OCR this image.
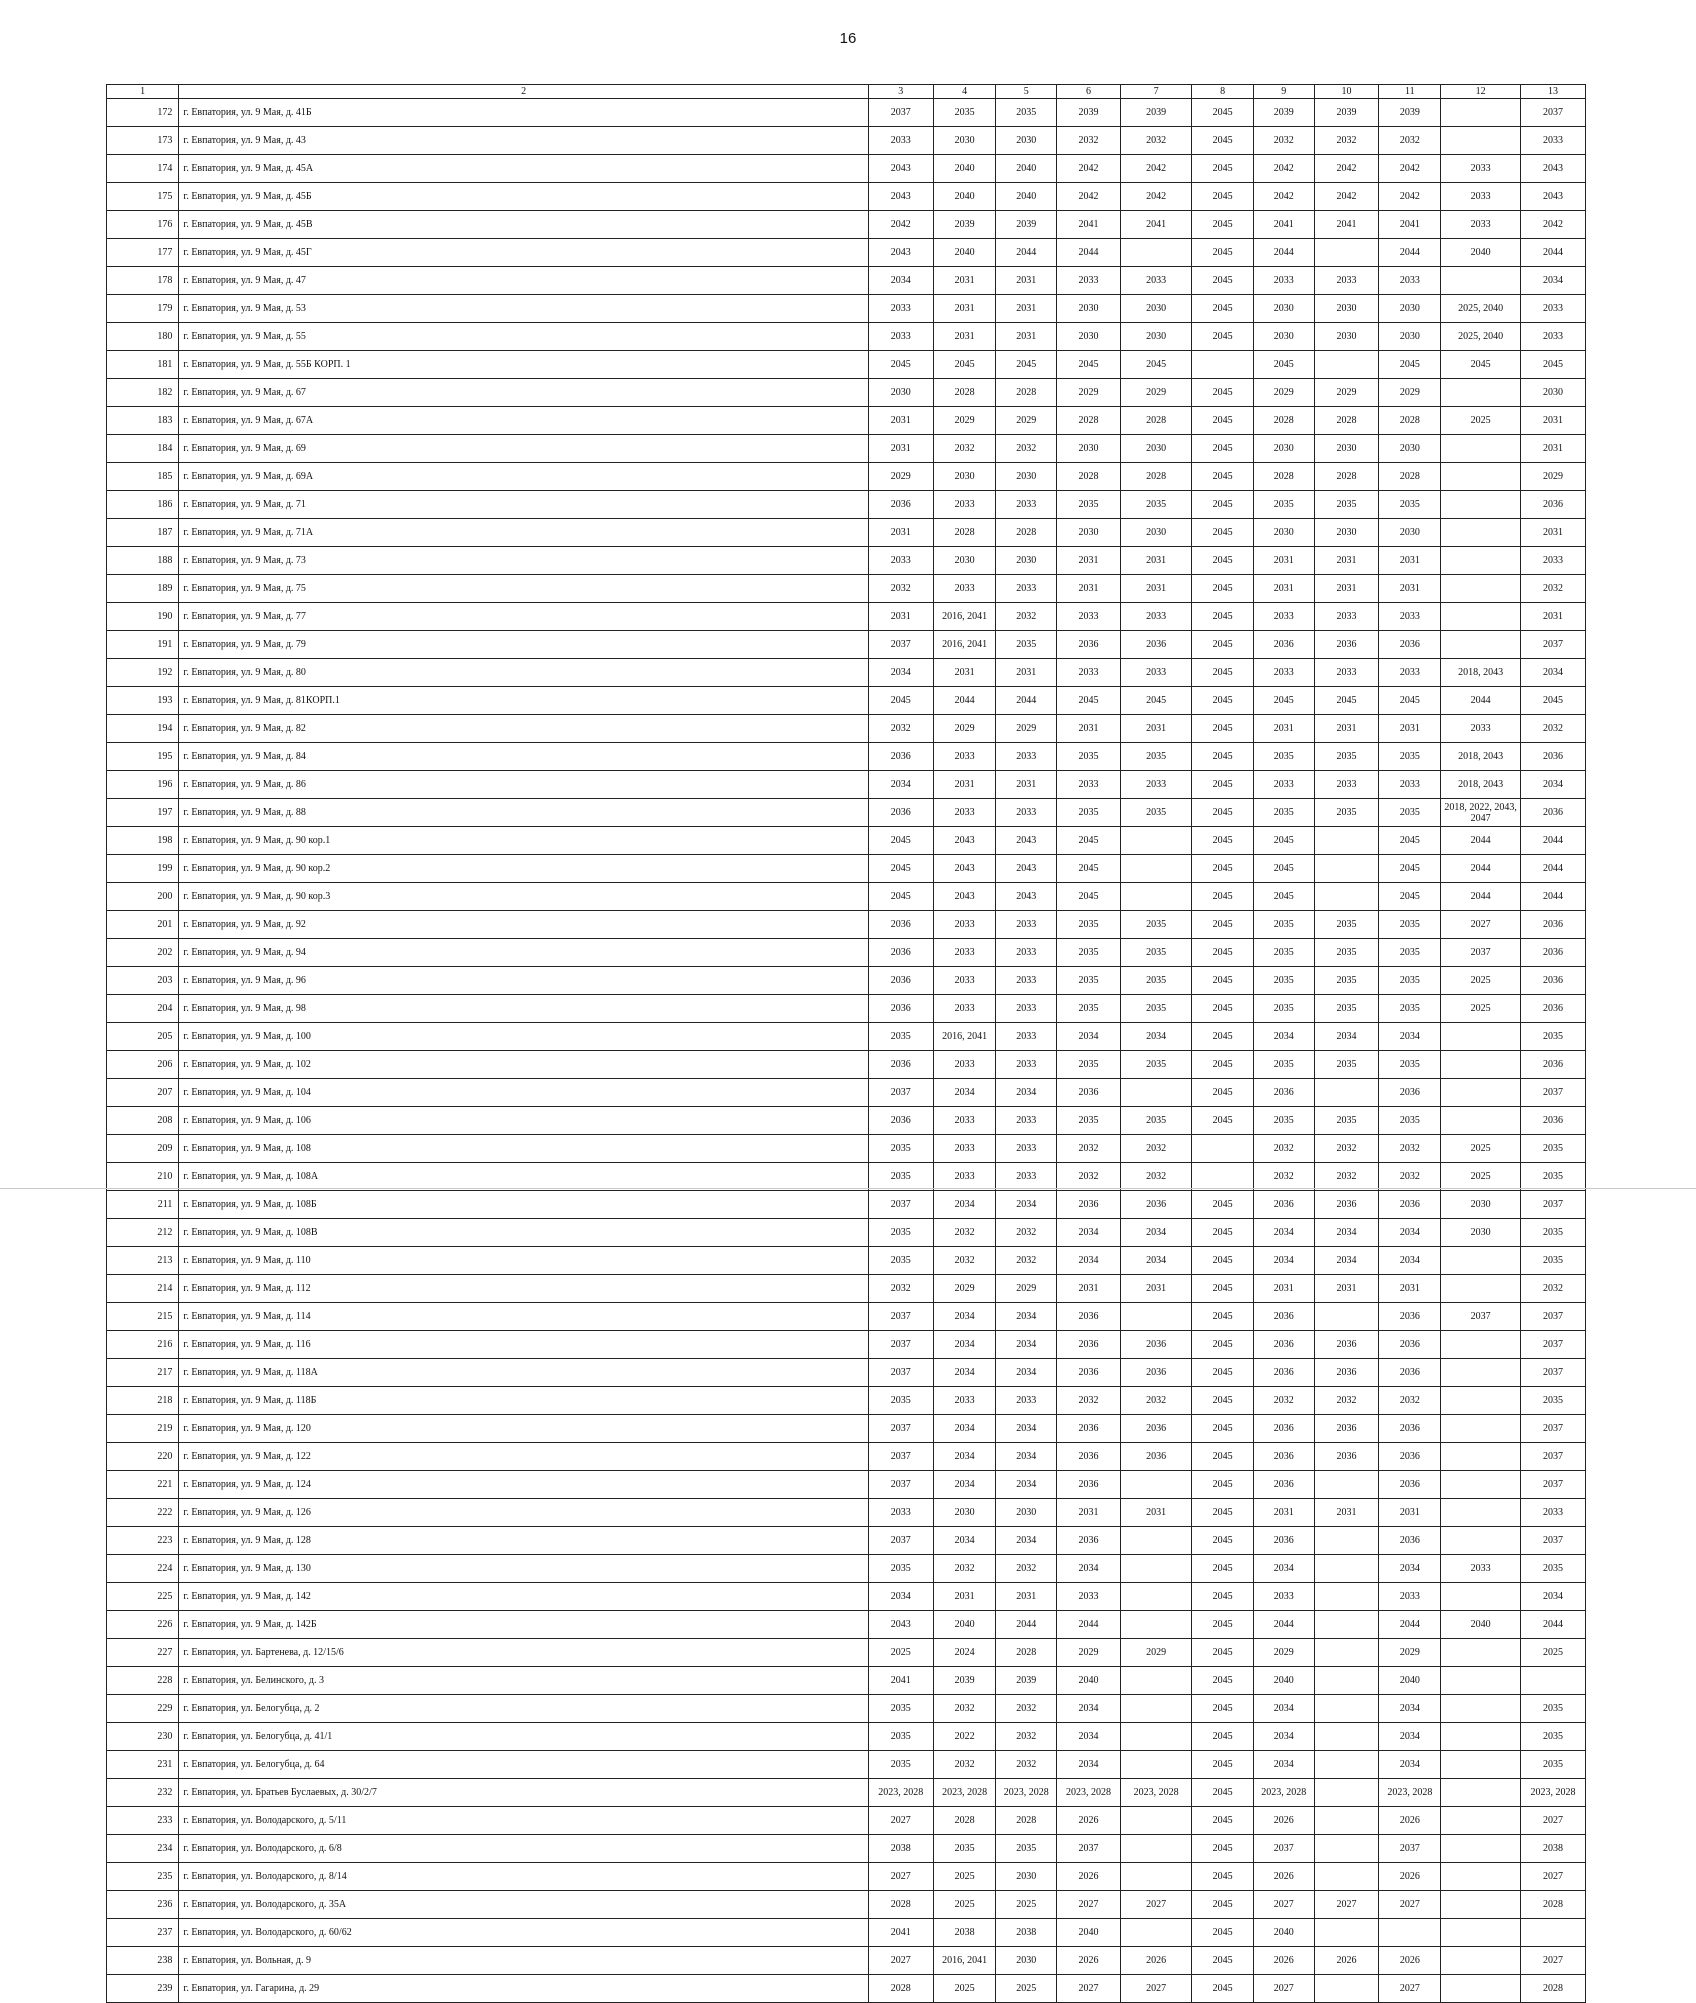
16
1	2	3	4	5	6	7	8	9	10	11	12	13
172	г. Евпатория, ул. 9 Мая, д. 41Б	2037	2035	2035	2039	2039	2045	2039	2039	2039		2037
173	г. Евпатория, ул. 9 Мая, д. 43	2033	2030	2030	2032	2032	2045	2032	2032	2032		2033
174	г. Евпатория, ул. 9 Мая, д. 45А	2043	2040	2040	2042	2042	2045	2042	2042	2042	2033	2043
175	г. Евпатория, ул. 9 Мая, д. 45Б	2043	2040	2040	2042	2042	2045	2042	2042	2042	2033	2043
176	г. Евпатория, ул. 9 Мая, д. 45В	2042	2039	2039	2041	2041	2045	2041	2041	2041	2033	2042
177	г. Евпатория, ул. 9 Мая, д. 45Г	2043	2040	2044	2044		2045	2044		2044	2040	2044
178	г. Евпатория, ул. 9 Мая, д. 47	2034	2031	2031	2033	2033	2045	2033	2033	2033		2034
179	г. Евпатория, ул. 9 Мая, д. 53	2033	2031	2031	2030	2030	2045	2030	2030	2030	2025, 2040	2033
180	г. Евпатория, ул. 9 Мая, д. 55	2033	2031	2031	2030	2030	2045	2030	2030	2030	2025, 2040	2033
181	г. Евпатория, ул. 9 Мая, д. 55Б КОРП. 1	2045	2045	2045	2045	2045		2045		2045	2045	2045
182	г. Евпатория, ул. 9 Мая, д. 67	2030	2028	2028	2029	2029	2045	2029	2029	2029		2030
183	г. Евпатория, ул. 9 Мая, д. 67А	2031	2029	2029	2028	2028	2045	2028	2028	2028	2025	2031
184	г. Евпатория, ул. 9 Мая, д. 69	2031	2032	2032	2030	2030	2045	2030	2030	2030		2031
185	г. Евпатория, ул. 9 Мая, д. 69А	2029	2030	2030	2028	2028	2045	2028	2028	2028		2029
186	г. Евпатория, ул. 9 Мая, д. 71	2036	2033	2033	2035	2035	2045	2035	2035	2035		2036
187	г. Евпатория, ул. 9 Мая, д. 71А	2031	2028	2028	2030	2030	2045	2030	2030	2030		2031
188	г. Евпатория, ул. 9 Мая, д. 73	2033	2030	2030	2031	2031	2045	2031	2031	2031		2033
189	г. Евпатория, ул. 9 Мая, д. 75	2032	2033	2033	2031	2031	2045	2031	2031	2031		2032
190	г. Евпатория, ул. 9 Мая, д. 77	2031	2016, 2041	2032	2033	2033	2045	2033	2033	2033		2031
191	г. Евпатория, ул. 9 Мая, д. 79	2037	2016, 2041	2035	2036	2036	2045	2036	2036	2036		2037
192	г. Евпатория, ул. 9 Мая, д. 80	2034	2031	2031	2033	2033	2045	2033	2033	2033	2018, 2043	2034
193	г. Евпатория, ул. 9 Мая, д. 81КОРП.1	2045	2044	2044	2045	2045	2045	2045	2045	2045	2044	2045
194	г. Евпатория, ул. 9 Мая, д. 82	2032	2029	2029	2031	2031	2045	2031	2031	2031	2033	2032
195	г. Евпатория, ул. 9 Мая, д. 84	2036	2033	2033	2035	2035	2045	2035	2035	2035	2018, 2043	2036
196	г. Евпатория, ул. 9 Мая, д. 86	2034	2031	2031	2033	2033	2045	2033	2033	2033	2018, 2043	2034
197	г. Евпатория, ул. 9 Мая, д. 88	2036	2033	2033	2035	2035	2045	2035	2035	2035	2018, 2022, 2043, 2047	2036
198	г. Евпатория, ул. 9 Мая, д. 90 кор.1	2045	2043	2043	2045		2045	2045		2045	2044	2044
199	г. Евпатория, ул. 9 Мая, д. 90 кор.2	2045	2043	2043	2045		2045	2045		2045	2044	2044
200	г. Евпатория, ул. 9 Мая, д. 90 кор.3	2045	2043	2043	2045		2045	2045		2045	2044	2044
201	г. Евпатория, ул. 9 Мая, д. 92	2036	2033	2033	2035	2035	2045	2035	2035	2035	2027	2036
202	г. Евпатория, ул. 9 Мая, д. 94	2036	2033	2033	2035	2035	2045	2035	2035	2035	2037	2036
203	г. Евпатория, ул. 9 Мая, д. 96	2036	2033	2033	2035	2035	2045	2035	2035	2035	2025	2036
204	г. Евпатория, ул. 9 Мая, д. 98	2036	2033	2033	2035	2035	2045	2035	2035	2035	2025	2036
205	г. Евпатория, ул. 9 Мая, д. 100	2035	2016, 2041	2033	2034	2034	2045	2034	2034	2034		2035
206	г. Евпатория, ул. 9 Мая, д. 102	2036	2033	2033	2035	2035	2045	2035	2035	2035		2036
207	г. Евпатория, ул. 9 Мая, д. 104	2037	2034	2034	2036		2045	2036		2036		2037
208	г. Евпатория, ул. 9 Мая, д. 106	2036	2033	2033	2035	2035	2045	2035	2035	2035		2036
209	г. Евпатория, ул. 9 Мая, д. 108	2035	2033	2033	2032	2032		2032	2032	2032	2025	2035
210	г. Евпатория, ул. 9 Мая, д. 108А	2035	2033	2033	2032	2032		2032	2032	2032	2025	2035
211	г. Евпатория, ул. 9 Мая, д. 108Б	2037	2034	2034	2036	2036	2045	2036	2036	2036	2030	2037
212	г. Евпатория, ул. 9 Мая, д. 108В	2035	2032	2032	2034	2034	2045	2034	2034	2034	2030	2035
213	г. Евпатория, ул. 9 Мая, д. 110	2035	2032	2032	2034	2034	2045	2034	2034	2034		2035
214	г. Евпатория, ул. 9 Мая, д. 112	2032	2029	2029	2031	2031	2045	2031	2031	2031		2032
215	г. Евпатория, ул. 9 Мая, д. 114	2037	2034	2034	2036		2045	2036		2036	2037	2037
216	г. Евпатория, ул. 9 Мая, д. 116	2037	2034	2034	2036	2036	2045	2036	2036	2036		2037
217	г. Евпатория, ул. 9 Мая, д. 118А	2037	2034	2034	2036	2036	2045	2036	2036	2036		2037
218	г. Евпатория, ул. 9 Мая, д. 118Б	2035	2033	2033	2032	2032	2045	2032	2032	2032		2035
219	г. Евпатория, ул. 9 Мая, д. 120	2037	2034	2034	2036	2036	2045	2036	2036	2036		2037
220	г. Евпатория, ул. 9 Мая, д. 122	2037	2034	2034	2036	2036	2045	2036	2036	2036		2037
221	г. Евпатория, ул. 9 Мая, д. 124	2037	2034	2034	2036		2045	2036		2036		2037
222	г. Евпатория, ул. 9 Мая, д. 126	2033	2030	2030	2031	2031	2045	2031	2031	2031		2033
223	г. Евпатория, ул. 9 Мая, д. 128	2037	2034	2034	2036		2045	2036		2036		2037
224	г. Евпатория, ул. 9 Мая, д. 130	2035	2032	2032	2034		2045	2034		2034	2033	2035
225	г. Евпатория, ул. 9 Мая, д. 142	2034	2031	2031	2033		2045	2033		2033		2034
226	г. Евпатория, ул. 9 Мая, д. 142Б	2043	2040	2044	2044		2045	2044		2044	2040	2044
227	г. Евпатория, ул. Бартенева, д. 12/15/6	2025	2024	2028	2029	2029	2045	2029		2029		2025
228	г. Евпатория, ул. Белинского, д. 3	2041	2039	2039	2040		2045	2040		2040		
229	г. Евпатория, ул. Белогубца, д. 2	2035	2032	2032	2034		2045	2034		2034		2035
230	г. Евпатория, ул. Белогубца, д. 41/1	2035	2022	2032	2034		2045	2034		2034		2035
231	г. Евпатория, ул. Белогубца, д. 64	2035	2032	2032	2034		2045	2034		2034		2035
232	г. Евпатория, ул. Братьев Буслаевых, д. 30/2/7	2023, 2028	2023, 2028	2023, 2028	2023, 2028	2023, 2028	2045	2023, 2028		2023, 2028		2023, 2028
233	г. Евпатория, ул. Володарского, д. 5/11	2027	2028	2028	2026		2045	2026		2026		2027
234	г. Евпатория, ул. Володарского, д. 6/8	2038	2035	2035	2037		2045	2037		2037		2038
235	г. Евпатория, ул. Володарского, д. 8/14	2027	2025	2030	2026		2045	2026		2026		2027
236	г. Евпатория, ул. Володарского, д. 35А	2028	2025	2025	2027	2027	2045	2027	2027	2027		2028
237	г. Евпатория, ул. Володарского, д. 60/62	2041	2038	2038	2040		2045	2040				
238	г. Евпатория, ул. Вольная, д. 9	2027	2016, 2041	2030	2026	2026	2045	2026	2026	2026		2027
239	г. Евпатория, ул. Гагарина, д. 29	2028	2025	2025	2027	2027	2045	2027		2027		2028
